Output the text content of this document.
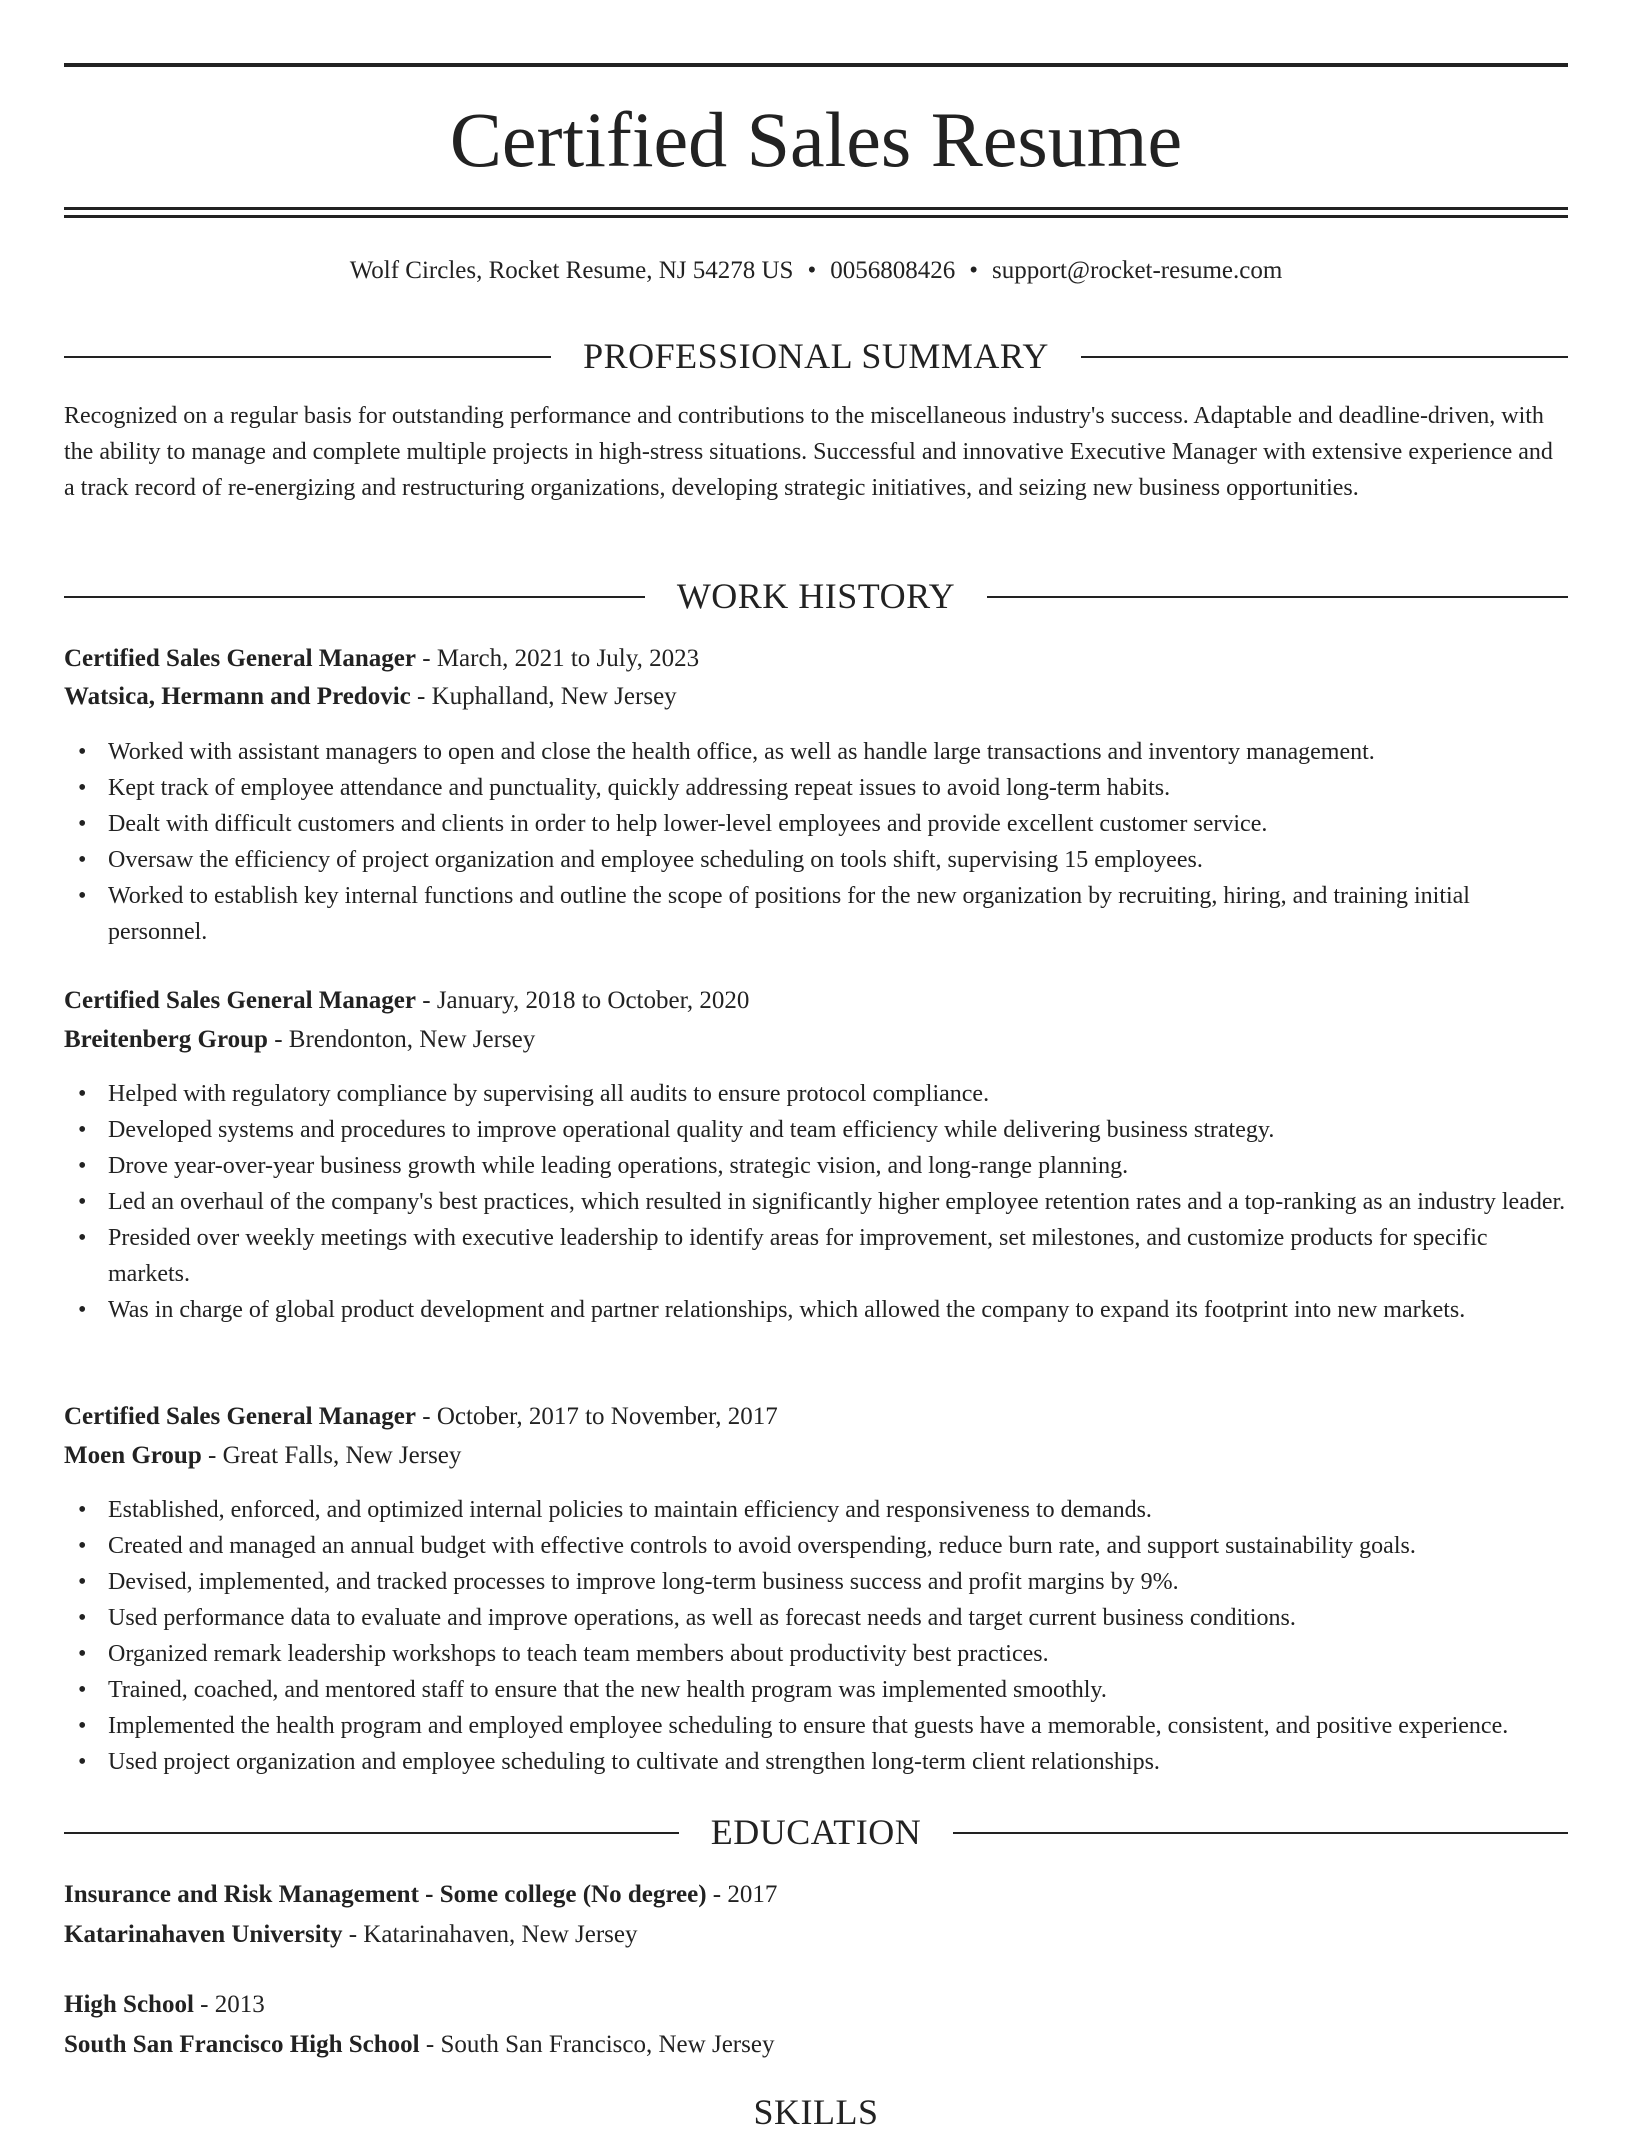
Certified Sales Resume
Wolf Circles, Rocket Resume, NJ 54278 US • 0056808426 • support@rocket-resume.com
PROFESSIONAL SUMMARY
Recognized on a regular basis for outstanding performance and contributions to the miscellaneous industry's success. Adaptable and deadline-driven, with the ability to manage and complete multiple projects in high-stress situations. Successful and innovative Executive Manager with extensive experience and a track record of re-energizing and restructuring organizations, developing strategic initiatives, and seizing new business opportunities.
WORK HISTORY
Certified Sales General Manager - March, 2021 to July, 2023
Watsica, Hermann and Predovic - Kuphalland, New Jersey
• Worked with assistant managers to open and close the health office, as well as handle large transactions and inventory management.
• Kept track of employee attendance and punctuality, quickly addressing repeat issues to avoid long-term habits.
• Dealt with difficult customers and clients in order to help lower-level employees and provide excellent customer service.
• Oversaw the efficiency of project organization and employee scheduling on tools shift, supervising 15 employees.
• Worked to establish key internal functions and outline the scope of positions for the new organization by recruiting, hiring, and training initial personnel.
Certified Sales General Manager - January, 2018 to October, 2020
Breitenberg Group - Brendonton, New Jersey
• Helped with regulatory compliance by supervising all audits to ensure protocol compliance.
• Developed systems and procedures to improve operational quality and team efficiency while delivering business strategy.
• Drove year-over-year business growth while leading operations, strategic vision, and long-range planning.
• Led an overhaul of the company's best practices, which resulted in significantly higher employee retention rates and a top-ranking as an industry leader.
• Presided over weekly meetings with executive leadership to identify areas for improvement, set milestones, and customize products for specific markets.
• Was in charge of global product development and partner relationships, which allowed the company to expand its footprint into new markets.
Certified Sales General Manager - October, 2017 to November, 2017
Moen Group - Great Falls, New Jersey
• Established, enforced, and optimized internal policies to maintain efficiency and responsiveness to demands.
• Created and managed an annual budget with effective controls to avoid overspending, reduce burn rate, and support sustainability goals.
• Devised, implemented, and tracked processes to improve long-term business success and profit margins by 9%.
• Used performance data to evaluate and improve operations, as well as forecast needs and target current business conditions.
• Organized remark leadership workshops to teach team members about productivity best practices.
• Trained, coached, and mentored staff to ensure that the new health program was implemented smoothly.
• Implemented the health program and employed employee scheduling to ensure that guests have a memorable, consistent, and positive experience.
• Used project organization and employee scheduling to cultivate and strengthen long-term client relationships.
EDUCATION
Insurance and Risk Management - Some college (No degree) - 2017
Katarinahaven University - Katarinahaven, New Jersey
High School - 2013
South San Francisco High School - South San Francisco, New Jersey
SKILLS
